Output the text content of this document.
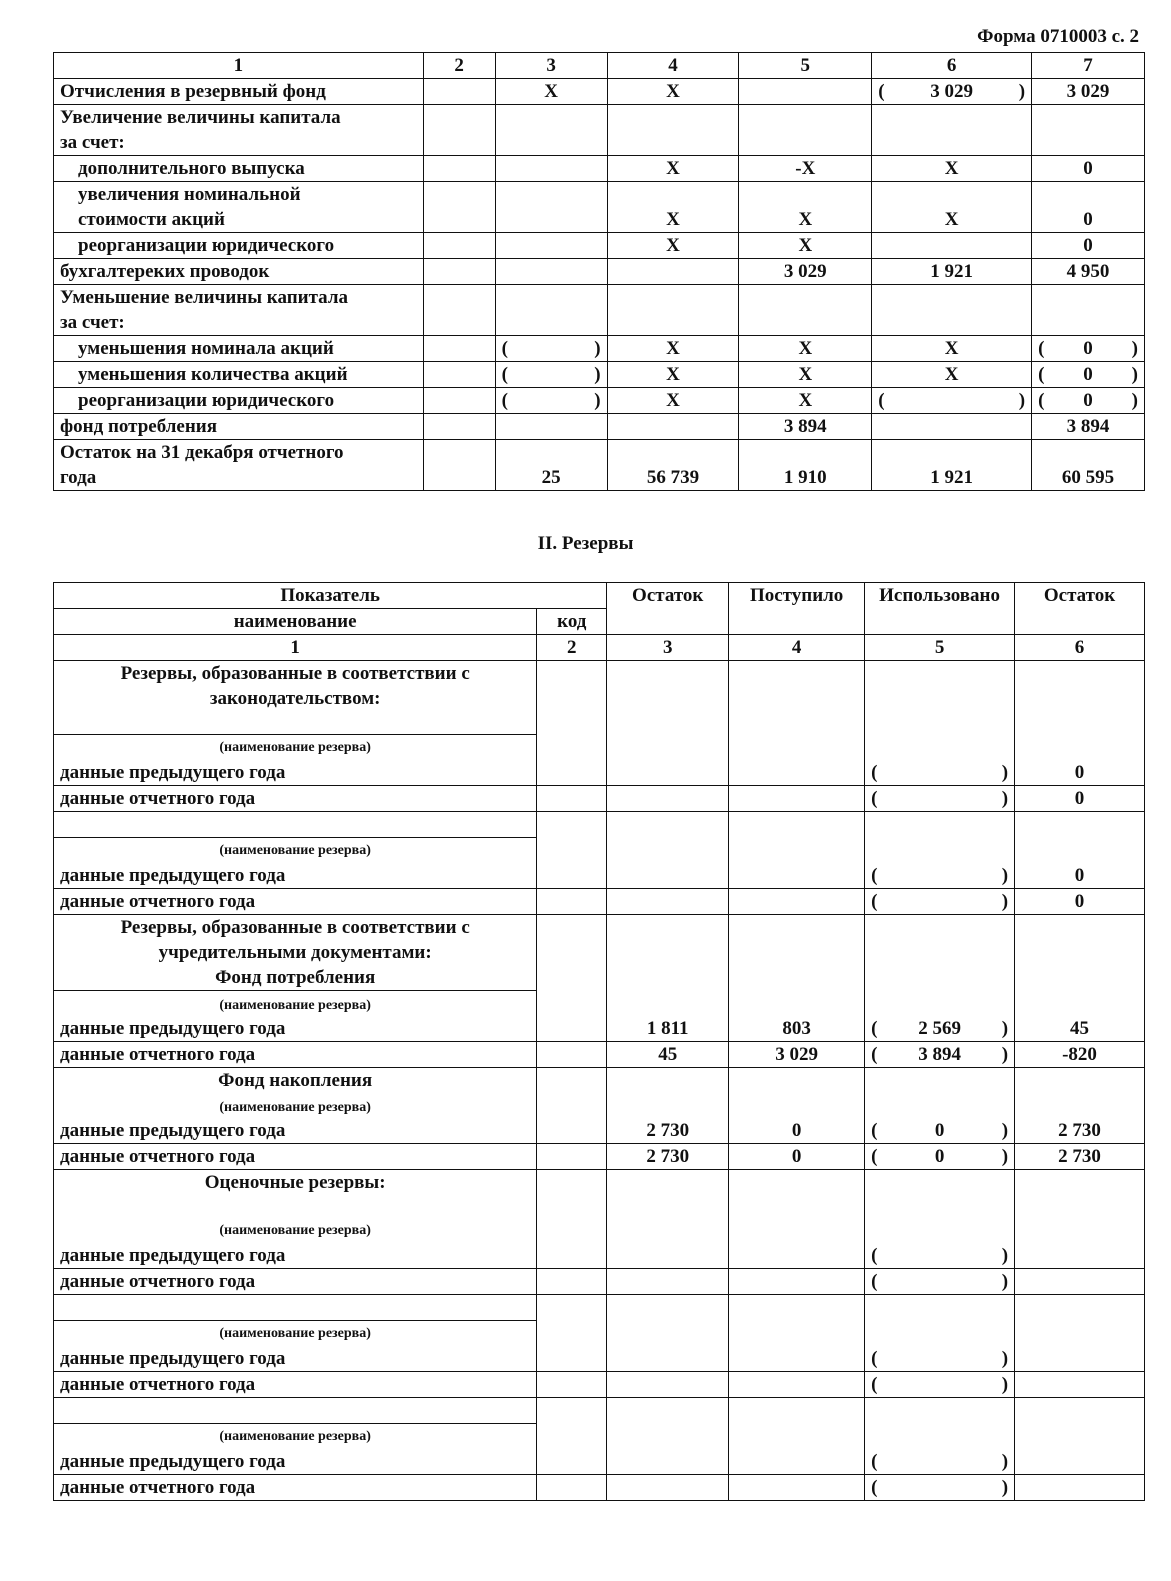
Форма 0710003 с. 2
1	2	3	4	5	6	7
Отчисления в резервный фонд		X	X		( 3 029 )	3 029
Увеличение величины капитала						
за счет:						
дополнительного выпуска			X	-X	X	0
увеличения номинальной						
стоимости акций			X	X	X	0
реорганизации юридического			X	X		0
бухгалтереких проводок				3 029	1 921	4 950
Уменьшение величины капитала						
за счет:						
уменьшения номинала акций		( )	X	X	X	( 0 )

уменьшения количества акций		( )	X	X	X	( 0 )

реорганизации юридического		( )	X	X	( )	( 0 )

фонд потребления				3 894		3 894
Остаток на 31 декабря отчетного						
года		25	56 739	1 910	1 921	60 595
II. Резервы
Показатель		Остаток	Поступило	Использовано	Остаток
наименование	код				
1	2	3	4	5	6
Резервы, образованные в соответствии с					
законодательством:					
(наименование резерва)					
данные предыдущего года				( )	0
данные отчетного года				( )	0

(наименование резерва)					
данные предыдущего года				( )	0
данные отчетного года				( )	0
Резервы, образованные в соответствии с					
учредительными документами:					
Фонд потребления					
(наименование резерва)					
данные предыдущего года		1 811	803	( 2 569 )	45
данные отчетного года		45	3 029	( 3 894 )	-820
Фонд накопления					
(наименование резерва)					
данные предыдущего года		2 730	0	( 0 )	2 730
данные отчетного года		2 730	0	( 0 )	2 730
Оценочные резервы:					
(наименование резерва)					
данные предыдущего года				( )	

данные отчетного года				( )	

(наименование резерва)					
данные предыдущего года				( )	

данные отчетного года				( )	

(наименование резерва)					
данные предыдущего года				( )	

данные отчетного года				( )	
